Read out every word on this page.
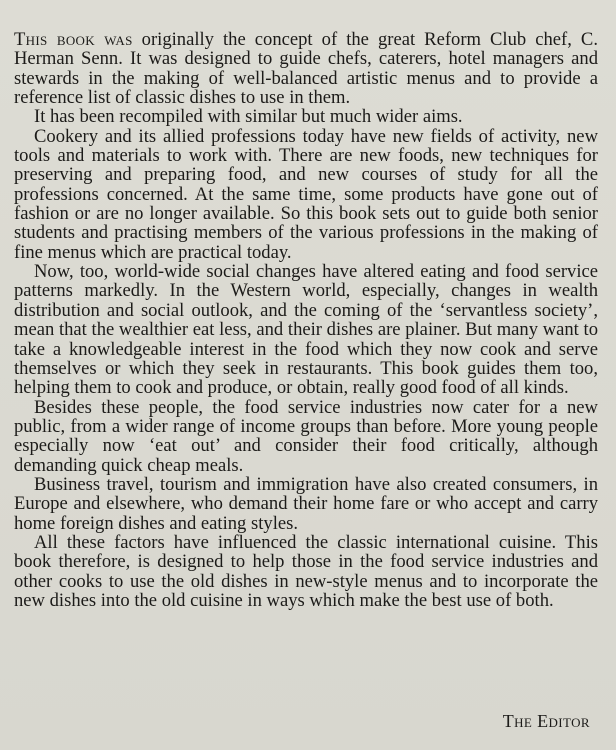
This book was originally the concept of the great Reform Club chef, C. Herman Senn. It was designed to guide chefs, caterers, hotel managers and stewards in the making of well-balanced artistic menus and to provide a reference list of classic dishes to use in them.

It has been recompiled with similar but much wider aims.

Cookery and its allied professions today have new fields of activity, new tools and materials to work with. There are new foods, new techniques for preserving and preparing food, and new courses of study for all the professions concerned. At the same time, some products have gone out of fashion or are no longer available. So this book sets out to guide both senior students and practising members of the various professions in the making of fine menus which are practical today.

Now, too, world-wide social changes have altered eating and food service patterns markedly. In the Western world, especially, changes in wealth distribution and social outlook, and the coming of the ‘servantless society’, mean that the wealthier eat less, and their dishes are plainer. But many want to take a knowledgeable interest in the food which they now cook and serve themselves or which they seek in restaurants. This book guides them too, helping them to cook and produce, or obtain, really good food of all kinds.

Besides these people, the food service industries now cater for a new public, from a wider range of income groups than before. More young people especially now ‘eat out’ and consider their food critically, although demanding quick cheap meals.

Business travel, tourism and immigration have also created consumers, in Europe and elsewhere, who demand their home fare or who accept and carry home foreign dishes and eating styles.

All these factors have influenced the classic international cuisine. This book therefore, is designed to help those in the food service industries and other cooks to use the old dishes in new-style menus and to incorporate the new dishes into the old cuisine in ways which make the best use of both.

The Editor
